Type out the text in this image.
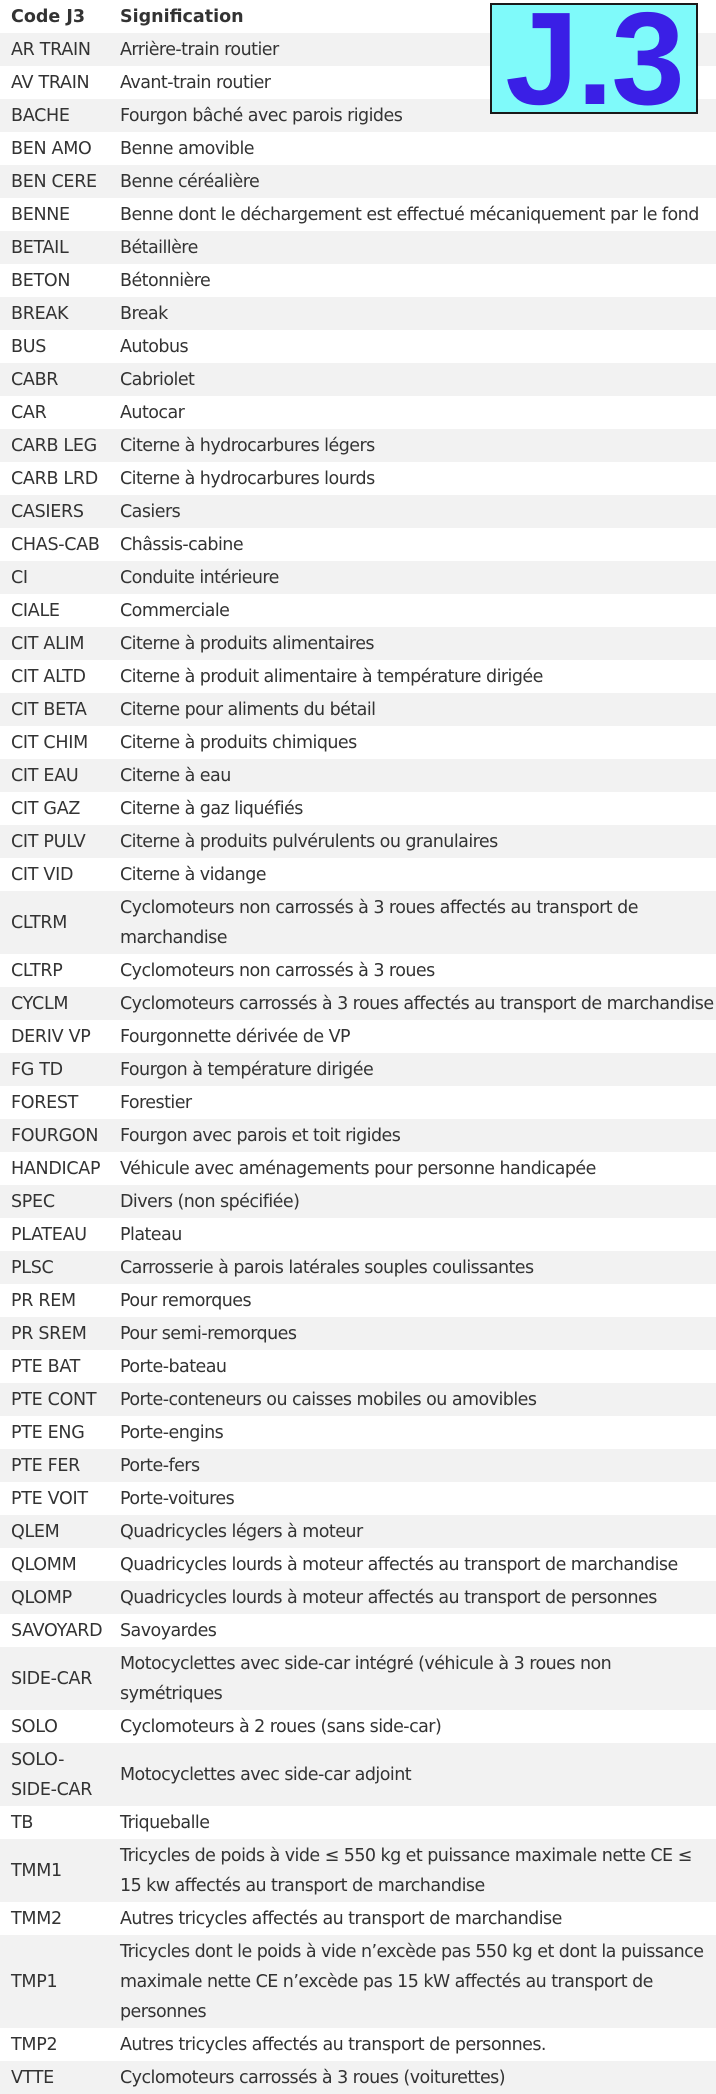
Code J3	Signification
AR TRAIN	Arrière-train routier
AV TRAIN	Avant-train routier
BACHE	Fourgon bâché avec parois rigides
BEN AMO	Benne amovible
BEN CERE	Benne céréalière
BENNE	Benne dont le déchargement est effectué mécaniquement par le fond
BETAIL	Bétaillère
BETON	Bétonnière
BREAK	Break
BUS	Autobus
CABR	Cabriolet
CAR	Autocar
CARB LEG	Citerne à hydrocarbures légers
CARB LRD	Citerne à hydrocarbures lourds
CASIERS	Casiers
CHAS-CAB	Châssis-cabine
CI	Conduite intérieure
CIALE	Commerciale
CIT ALIM	Citerne à produits alimentaires
CIT ALTD	Citerne à produit alimentaire à température dirigée
CIT BETA	Citerne pour aliments du bétail
CIT CHIM	Citerne à produits chimiques
CIT EAU	Citerne à eau
CIT GAZ	Citerne à gaz liquéfiés
CIT PULV	Citerne à produits pulvérulents ou granulaires
CIT VID	Citerne à vidange
CLTRM	Cyclomoteurs non carrossés à 3 roues affectés au transport de marchandise
CLTRP	Cyclomoteurs non carrossés à 3 roues
CYCLM	Cyclomoteurs carrossés à 3 roues affectés au transport de marchandise
DERIV VP	Fourgonnette dérivée de VP
FG TD	Fourgon à température dirigée
FOREST	Forestier
FOURGON	Fourgon avec parois et toit rigides
HANDICAP	Véhicule avec aménagements pour personne handicapée
SPEC	Divers (non spécifiée)
PLATEAU	Plateau
PLSC	Carrosserie à parois latérales souples coulissantes
PR REM	Pour remorques
PR SREM	Pour semi-remorques
PTE BAT	Porte-bateau
PTE CONT	Porte-conteneurs ou caisses mobiles ou amovibles
PTE ENG	Porte-engins
PTE FER	Porte-fers
PTE VOIT	Porte-voitures
QLEM	Quadricycles légers à moteur
QLOMM	Quadricycles lourds à moteur affectés au transport de marchandise
QLOMP	Quadricycles lourds à moteur affectés au transport de personnes
SAVOYARD	Savoyardes
SIDE-CAR	Motocyclettes avec side-car intégré (véhicule à 3 roues non symétriques
SOLO	Cyclomoteurs à 2 roues (sans side-car)
SOLO-SIDE-CAR	Motocyclettes avec side-car adjoint
TB	Triqueballe
TMM1	Tricycles de poids à vide ≤ 550 kg et puissance maximale nette CE ≤ 15 kw affectés au transport de marchandise
TMM2	Autres tricycles affectés au transport de marchandise
TMP1	Tricycles dont le poids à vide n’excède pas 550 kg et dont la puissance maximale nette CE n’excède pas 15 kW affectés au transport de personnes
TMP2	Autres tricycles affectés au transport de personnes.
VTTE	Cyclomoteurs carrossés à 3 roues (voiturettes)
J.3
